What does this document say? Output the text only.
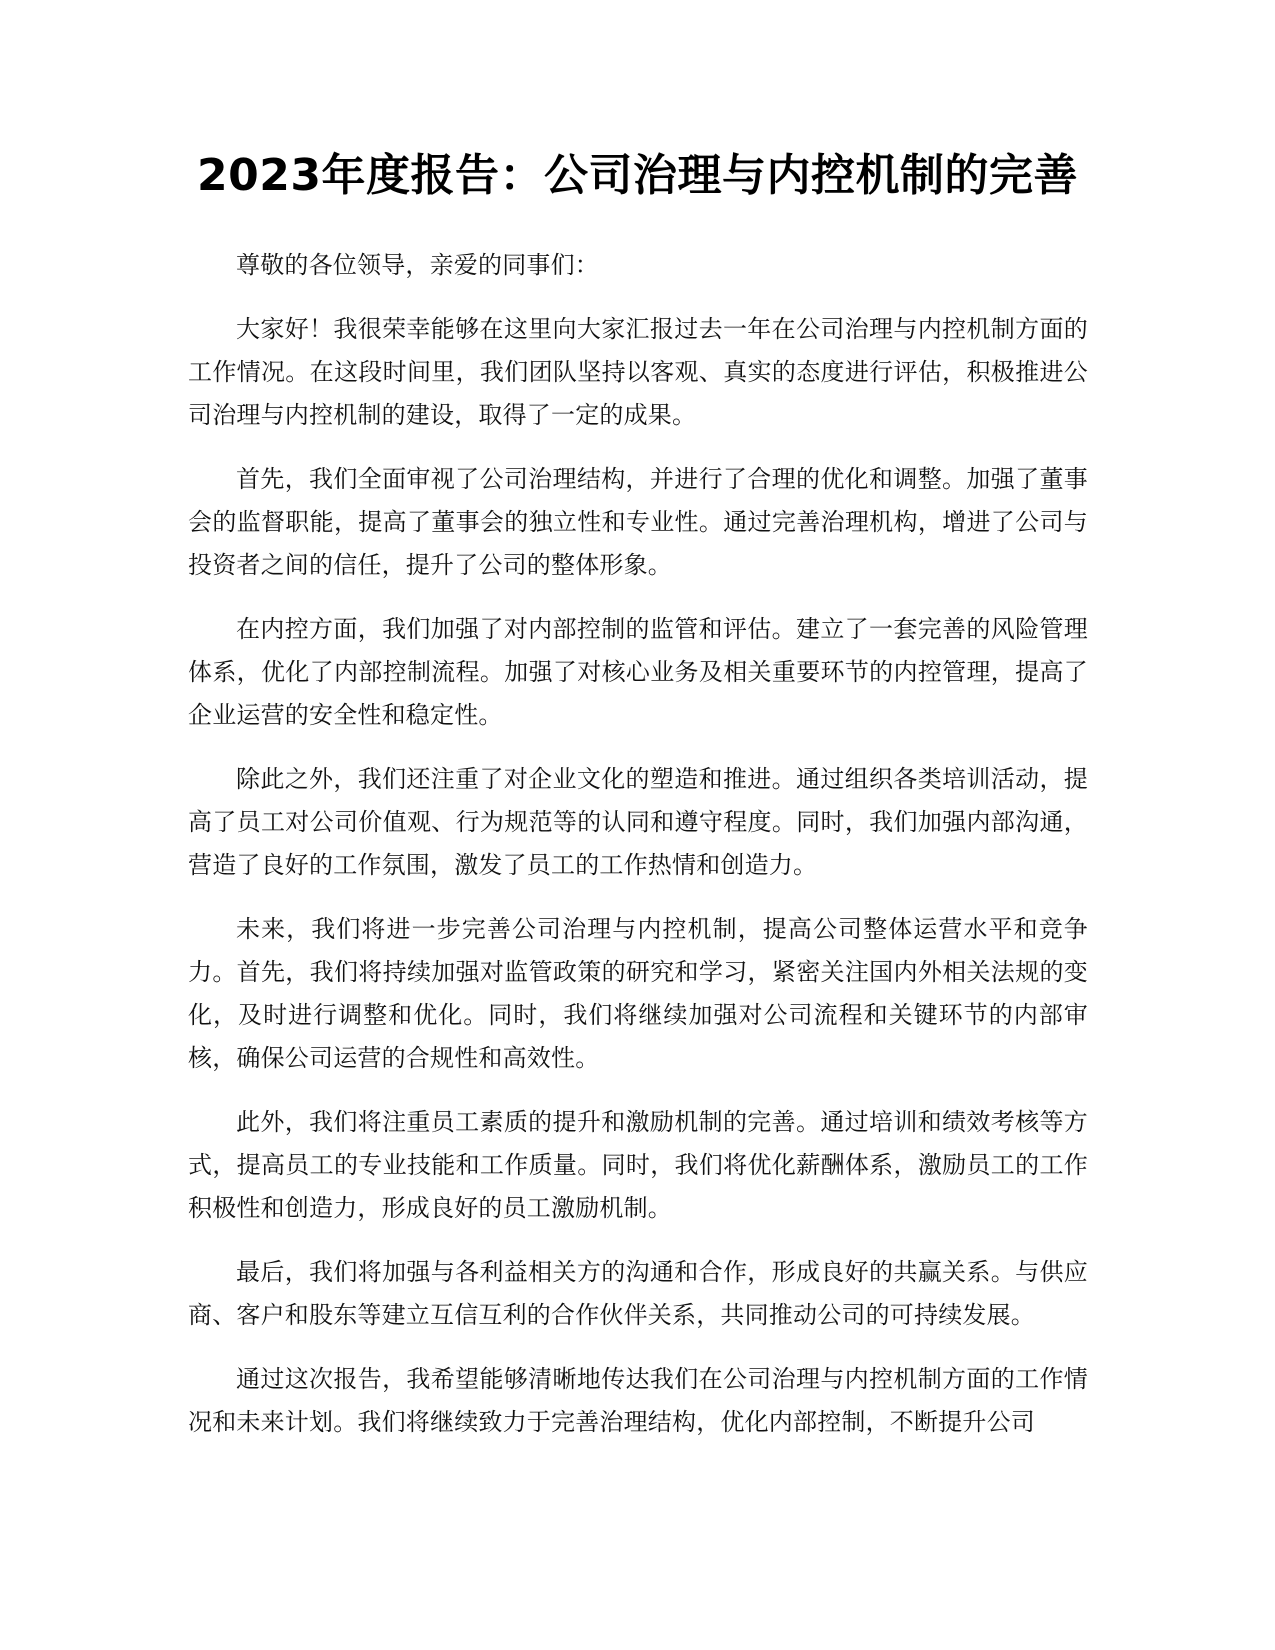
2023年度报告：公司治理与内控机制的完善

尊敬的各位领导，亲爱的同事们：

大家好！我很荣幸能够在这里向大家汇报过去一年在公司治理与内控机制方面的工作情况。在这段时间里，我们团队坚持以客观、真实的态度进行评估，积极推进公司治理与内控机制的建设，取得了一定的成果。

首先，我们全面审视了公司治理结构，并进行了合理的优化和调整。加强了董事会的监督职能，提高了董事会的独立性和专业性。通过完善治理机构，增进了公司与投资者之间的信任，提升了公司的整体形象。

在内控方面，我们加强了对内部控制的监管和评估。建立了一套完善的风险管理体系，优化了内部控制流程。加强了对核心业务及相关重要环节的内控管理，提高了企业运营的安全性和稳定性。

除此之外，我们还注重了对企业文化的塑造和推进。通过组织各类培训活动，提高了员工对公司价值观、行为规范等的认同和遵守程度。同时，我们加强内部沟通，营造了良好的工作氛围，激发了员工的工作热情和创造力。

未来，我们将进一步完善公司治理与内控机制，提高公司整体运营水平和竞争力。首先，我们将持续加强对监管政策的研究和学习，紧密关注国内外相关法规的变化，及时进行调整和优化。同时，我们将继续加强对公司流程和关键环节的内部审核，确保公司运营的合规性和高效性。

此外，我们将注重员工素质的提升和激励机制的完善。通过培训和绩效考核等方式，提高员工的专业技能和工作质量。同时，我们将优化薪酬体系，激励员工的工作积极性和创造力，形成良好的员工激励机制。

最后，我们将加强与各利益相关方的沟通和合作，形成良好的共赢关系。与供应商、客户和股东等建立互信互利的合作伙伴关系，共同推动公司的可持续发展。

通过这次报告，我希望能够清晰地传达我们在公司治理与内控机制方面的工作情况和未来计划。我们将继续致力于完善治理结构，优化内部控制，不断提升公司
